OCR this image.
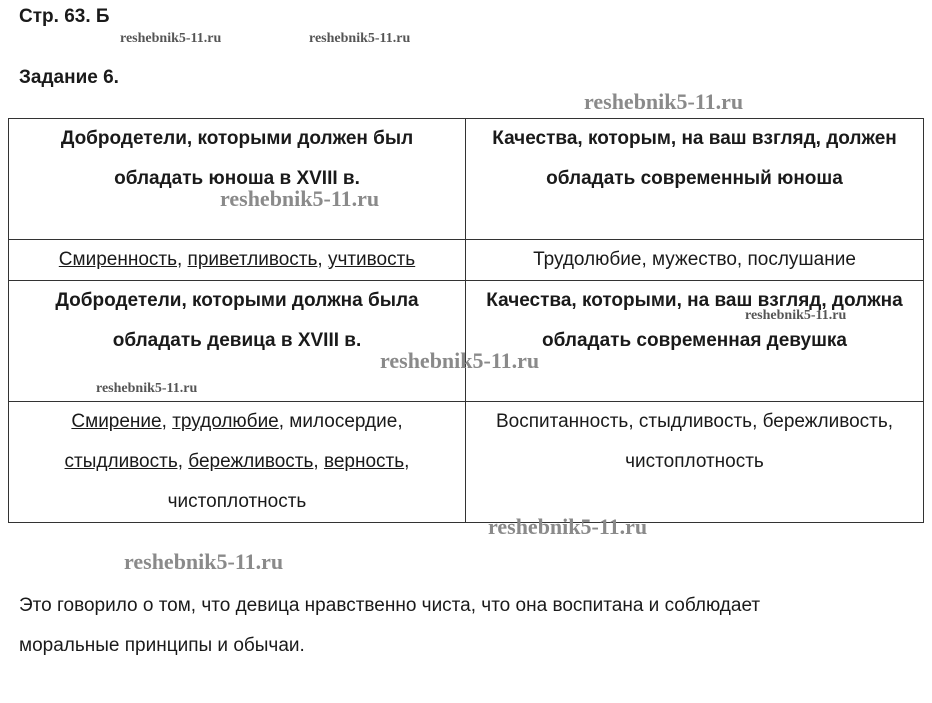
Стр. 63. Б
Задание 6.
Добродетели, которыми должен был обладать юноша в XVIII в.	Качества, которым, на ваш взгляд, должен обладать современный юноша
Смиренность, приветливость, учтивость	Трудолюбие, мужество, послушание
Добродетели, которыми должна была обладать девица в XVIII в.	Качества, которыми, на ваш взгляд, должна обладать современная девушка
Смирение, трудолюбие, милосердие, стыдливость, бережливость, верность, чистоплотность	Воспитанность, стыдливость, бережливость, чистоплотность
Это говорило о том, что девица нравственно чиста, что она воспитана и соблюдает моральные принципы и обычаи.
reshebnik5-11.ru	reshebnik5-11.ru
reshebnik5-11.ru
reshebnik5-11.ru
reshebnik5-11.ru
reshebnik5-11.ru
reshebnik5-11.ru
reshebnik5-11.ru
reshebnik5-11.ru
